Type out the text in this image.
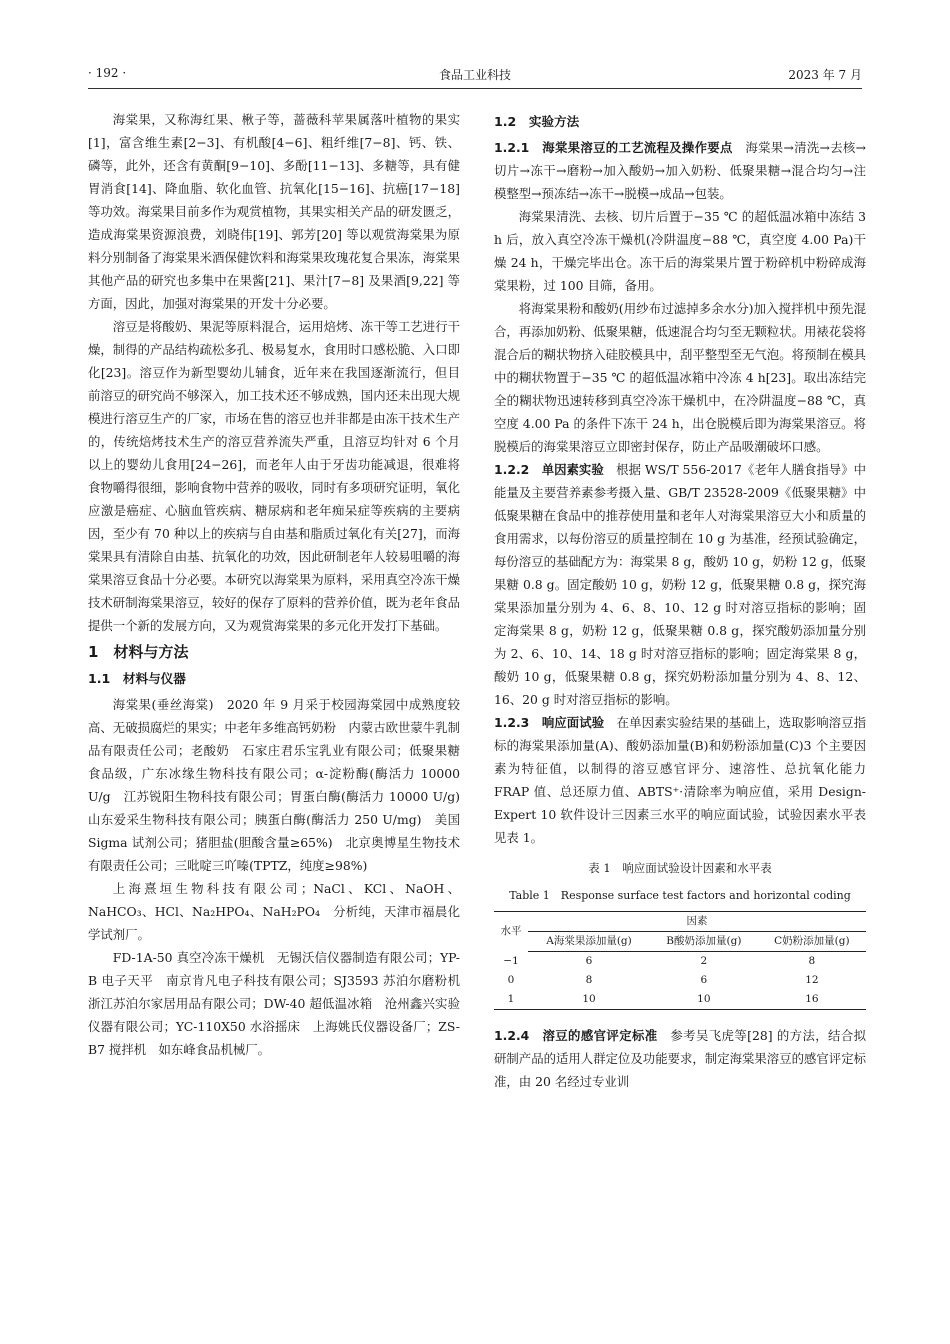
· 192 ·	食品工业科技	2023 年 7 月

海棠果，又称海红果、楸子等，蔷薇科苹果属落叶植物的果实[1]，富含维生素[2−3]、有机酸[4−6]、粗纤维[7−8]、钙、铁、磷等，此外，还含有黄酮[9−10]、多酚[11−13]、多糖等，具有健胃消食[14]、降血脂、软化血管、抗氧化[15−16]、抗癌[17−18] 等功效。海棠果目前多作为观赏植物，其果实相关产品的研发匮乏，造成海棠果资源浪费，刘晓伟[19]、郭芳[20] 等以观赏海棠果为原料分别制备了海棠果米酒保健饮料和海棠果玫瑰花复合果冻，海棠果其他产品的研究也多集中在果酱[21]、果汁[7−8] 及果酒[9,22] 等方面，因此，加强对海棠果的开发十分必要。

溶豆是将酸奶、果泥等原料混合，运用焙烤、冻干等工艺进行干燥，制得的产品结构疏松多孔、极易复水，食用时口感松脆、入口即化[23]。溶豆作为新型婴幼儿辅食，近年来在我国逐渐流行，但目前溶豆的研究尚不够深入，加工技术还不够成熟，国内还未出现大规模进行溶豆生产的厂家，市场在售的溶豆也并非都是由冻干技术生产的，传统焙烤技术生产的溶豆营养流失严重，且溶豆均针对 6 个月以上的婴幼儿食用[24−26]，而老年人由于牙齿功能减退，很难将食物嚼得很细，影响食物中营养的吸收，同时有多项研究证明，氧化应激是癌症、心脑血管疾病、糖尿病和老年痴呆症等疾病的主要病因，至少有 70 种以上的疾病与自由基和脂质过氧化有关[27]，而海棠果具有清除自由基、抗氧化的功效，因此研制老年人较易咀嚼的海棠果溶豆食品十分必要。本研究以海棠果为原料，采用真空冷冻干燥技术研制海棠果溶豆，较好的保存了原料的营养价值，既为老年食品提供一个新的发展方向，又为观赏海棠果的多元化开发打下基础。

1　材料与方法
1.1　材料与仪器

海棠果(垂丝海棠)　2020 年 9 月采于校园海棠园中成熟度较高、无破损腐烂的果实；中老年多维高钙奶粉　内蒙古欧世蒙牛乳制品有限责任公司；老酸奶　石家庄君乐宝乳业有限公司；低聚果糖　食品级，广东冰缘生物科技有限公司；α-淀粉酶(酶活力 10000 U/g　江苏锐阳生物科技有限公司；胃蛋白酶(酶活力 10000 U/g)　山东爱采生物科技有限公司；胰蛋白酶(酶活力 250 U/mg)　美国 Sigma 试剂公司；猪胆盐(胆酸含量≥65%)　北京奥博星生物技术有限责任公司；三吡啶三吖嗪(TPTZ，纯度≥98%)

上海熹垣生物科技有限公司；NaCl、KCl、NaOH、NaHCO₃、HCl、Na₂HPO₄、NaH₂PO₄　分析纯，天津市福晨化学试剂厂。

FD-1A-50 真空冷冻干燥机　无锡沃信仪器制造有限公司；YP-B 电子天平　南京肯凡电子科技有限公司；SJ3593 苏泊尔磨粉机　浙江苏泊尔家居用品有限公司；DW-40 超低温冰箱　沧州鑫兴实验仪器有限公司；YC-110X50 水浴摇床　上海姚氏仪器设备厂；ZS-B7 搅拌机　如东峰食品机械厂。

1.2　实验方法

1.2.1　海棠果溶豆的工艺流程及操作要点　海棠果→清洗→去核→切片→冻干→磨粉→加入酸奶→加入奶粉、低聚果糖→混合均匀→注模整型→预冻结→冻干→脱模→成品→包装。

海棠果清洗、去核、切片后置于−35 ℃ 的超低温冰箱中冻结 3 h 后，放入真空冷冻干燥机(冷阱温度−88 ℃，真空度 4.00 Pa)干燥 24 h，干燥完毕出仓。冻干后的海棠果片置于粉碎机中粉碎成海棠果粉，过 100 目筛，备用。

将海棠果粉和酸奶(用纱布过滤掉多余水分)加入搅拌机中预先混合，再添加奶粉、低聚果糖，低速混合均匀至无颗粒状。用裱花袋将混合后的糊状物挤入硅胶模具中，刮平整型至无气泡。将预制在模具中的糊状物置于−35 ℃ 的超低温冰箱中冷冻 4 h[23]。取出冻结完全的糊状物迅速转移到真空冷冻干燥机中，在冷阱温度−88 ℃，真空度 4.00 Pa 的条件下冻干 24 h，出仓脱模后即为海棠果溶豆。将脱模后的海棠果溶豆立即密封保存，防止产品吸潮破坏口感。

1.2.2　单因素实验　根据 WS/T 556-2017《老年人膳食指导》中能量及主要营养素参考摄入量、GB/T 23528-2009《低聚果糖》中低聚果糖在食品中的推荐使用量和老年人对海棠果溶豆大小和质量的食用需求，以每份溶豆的质量控制在 10 g 为基准，经预试验确定，每份溶豆的基础配方为：海棠果 8 g，酸奶 10 g，奶粉 12 g，低聚果糖 0.8 g。固定酸奶 10 g，奶粉 12 g，低聚果糖 0.8 g，探究海棠果添加量分别为 4、6、8、10、12 g 时对溶豆指标的影响；固定海棠果 8 g，奶粉 12 g，低聚果糖 0.8 g，探究酸奶添加量分别为 2、6、10、14、18 g 时对溶豆指标的影响；固定海棠果 8 g，酸奶 10 g，低聚果糖 0.8 g，探究奶粉添加量分别为 4、8、12、16、20 g 时对溶豆指标的影响。

1.2.3　响应面试验　在单因素实验结果的基础上，选取影响溶豆指标的海棠果添加量(A)、酸奶添加量(B)和奶粉添加量(C)3 个主要因素为特征值，以制得的溶豆感官评分、速溶性、总抗氧化能力 FRAP 值、总还原力值、ABTS⁺·清除率为响应值，采用 Design-Expert 10 软件设计三因素三水平的响应面试验，试验因素水平表见表 1。

表 1　响应面试验设计因素和水平表
Table 1　Response surface test factors and horizontal coding
水平	因素		
	A海棠果添加量(g)	B酸奶添加量(g)	C奶粉添加量(g)
−1	6	2	8
0	8	6	12
1	10	10	16

1.2.4　溶豆的感官评定标准　参考吴飞虎等[28] 的方法，结合拟研制产品的适用人群定位及功能要求，制定海棠果溶豆的感官评定标准，由 20 名经过专业训
